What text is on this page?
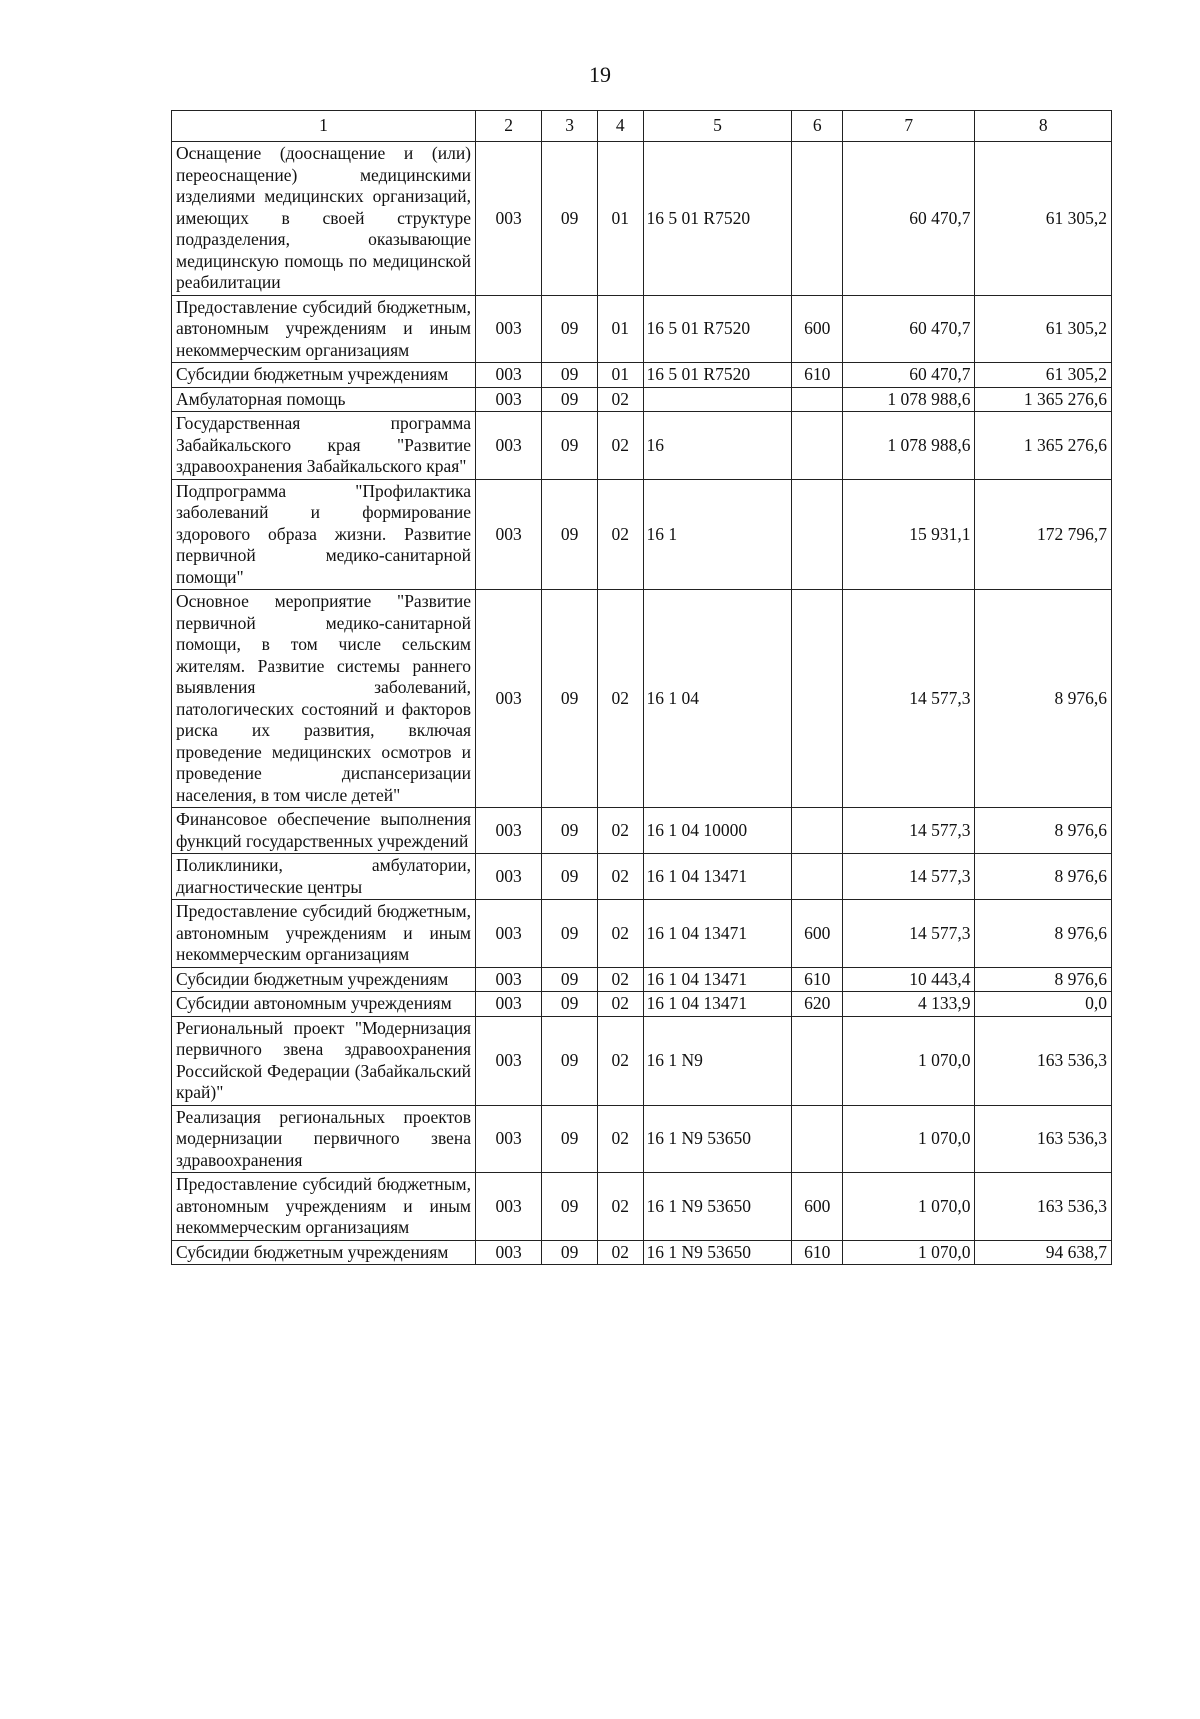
19
1	2	3	4	5	6	7	8
Оснащение (дооснащение и (или) переоснащение) медицинскими изделиями медицинских организаций, имеющих в своей структуре подразделения, оказывающие медицинскую помощь по медицинской реабилитации	003	09	01	16 5 01 R7520		60 470,7	61 305,2
Предоставление субсидий бюджетным, автономным учреждениям и иным некоммерческим организациям	003	09	01	16 5 01 R7520	600	60 470,7	61 305,2
Субсидии бюджетным учреждениям	003	09	01	16 5 01 R7520	610	60 470,7	61 305,2
Амбулаторная помощь	003	09	02			1 078 988,6	1 365 276,6
Государственная программа Забайкальского края "Развитие здравоохранения Забайкальского края"	003	09	02	16		1 078 988,6	1 365 276,6
Подпрограмма "Профилактика заболеваний и формирование здорового образа жизни. Развитие первичной медико-санитарной помощи"	003	09	02	16 1		15 931,1	172 796,7
Основное мероприятие "Развитие первичной медико-санитарной помощи, в том числе сельским жителям. Развитие системы раннего выявления заболеваний, патологических состояний и факторов риска их развития, включая проведение медицинских осмотров и проведение диспансеризации населения, в том числе детей"	003	09	02	16 1 04		14 577,3	8 976,6
Финансовое обеспечение выполнения функций государственных учреждений	003	09	02	16 1 04 10000		14 577,3	8 976,6
Поликлиники, амбулатории, диагностические центры	003	09	02	16 1 04 13471		14 577,3	8 976,6
Предоставление субсидий бюджетным, автономным учреждениям и иным некоммерческим организациям	003	09	02	16 1 04 13471	600	14 577,3	8 976,6
Субсидии бюджетным учреждениям	003	09	02	16 1 04 13471	610	10 443,4	8 976,6
Субсидии автономным учреждениям	003	09	02	16 1 04 13471	620	4 133,9	0,0
Региональный проект "Модернизация первичного звена здравоохранения Российской Федерации (Забайкальский край)"	003	09	02	16 1 N9		1 070,0	163 536,3
Реализация региональных проектов модернизации первичного звена здравоохранения	003	09	02	16 1 N9 53650		1 070,0	163 536,3
Предоставление субсидий бюджетным, автономным учреждениям и иным некоммерческим организациям	003	09	02	16 1 N9 53650	600	1 070,0	163 536,3
Субсидии бюджетным учреждениям	003	09	02	16 1 N9 53650	610	1 070,0	94 638,7
